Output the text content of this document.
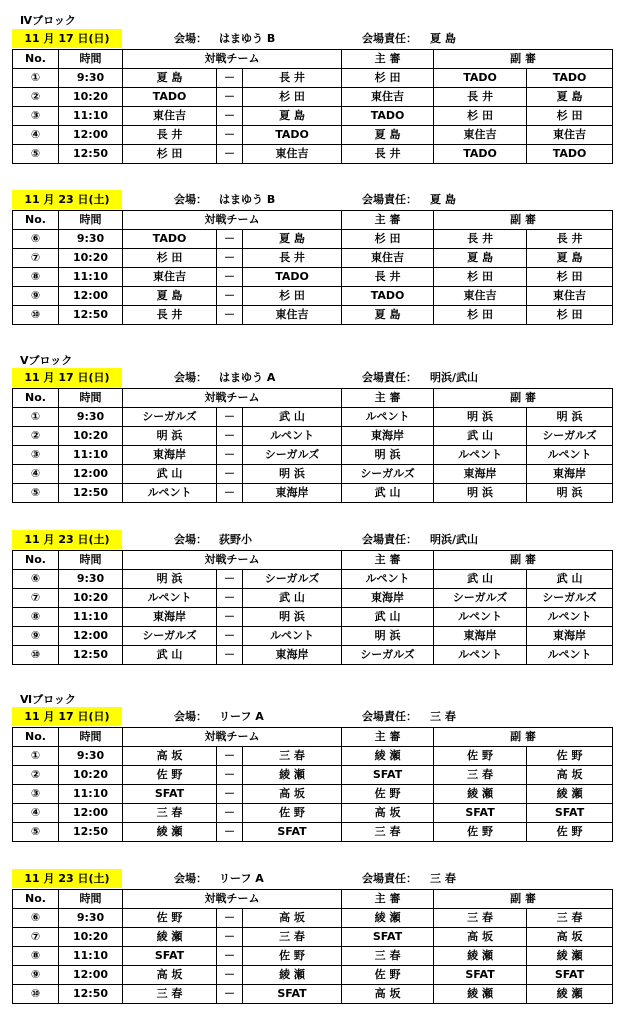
Ⅳブロック
11 月 17 日(日)	会場： はまゆう B	会場責任： 夏 島
No.	時間	対戦チーム			主 審	副 審	
①	9:30	夏 島	－	長 井	杉 田	TADO	TADO
②	10:20	TADO	－	杉 田	東住吉	長 井	夏 島
③	11:10	東住吉	－	夏 島	TADO	杉 田	杉 田
④	12:00	長 井	－	TADO	夏 島	東住吉	東住吉
⑤	12:50	杉 田	－	東住吉	長 井	TADO	TADO
11 月 23 日(土)	会場： はまゆう B	会場責任： 夏 島
No.	時間	対戦チーム			主 審	副 審	
⑥	9:30	TADO	－	夏 島	杉 田	長 井	長 井
⑦	10:20	杉 田	－	長 井	東住吉	夏 島	夏 島
⑧	11:10	東住吉	－	TADO	長 井	杉 田	杉 田
⑨	12:00	夏 島	－	杉 田	TADO	東住吉	東住吉
⑩	12:50	長 井	－	東住吉	夏 島	杉 田	杉 田
Ⅴブロック
11 月 17 日(日)	会場： はまゆう A	会場責任： 明浜/武山
No.	時間	対戦チーム			主 審	副 審	
①	9:30	シーガルズ	－	武 山	ルペント	明 浜	明 浜
②	10:20	明 浜	－	ルペント	東海岸	武 山	シーガルズ
③	11:10	東海岸	－	シーガルズ	明 浜	ルペント	ルペント
④	12:00	武 山	－	明 浜	シーガルズ	東海岸	東海岸
⑤	12:50	ルペント	－	東海岸	武 山	明 浜	明 浜
11 月 23 日(土)	会場： 荻野小	会場責任： 明浜/武山
No.	時間	対戦チーム			主 審	副 審	
⑥	9:30	明 浜	－	シーガルズ	ルペント	武 山	武 山
⑦	10:20	ルペント	－	武 山	東海岸	シーガルズ	シーガルズ
⑧	11:10	東海岸	－	明 浜	武 山	ルペント	ルペント
⑨	12:00	シーガルズ	－	ルペント	明 浜	東海岸	東海岸
⑩	12:50	武 山	－	東海岸	シーガルズ	ルペント	ルペント
Ⅵブロック
11 月 17 日(日)	会場： リーフ A	会場責任： 三 春
No.	時間	対戦チーム			主 審	副 審	
①	9:30	高 坂	－	三 春	綾 瀬	佐 野	佐 野
②	10:20	佐 野	－	綾 瀬	SFAT	三 春	高 坂
③	11:10	SFAT	－	高 坂	佐 野	綾 瀬	綾 瀬
④	12:00	三 春	－	佐 野	高 坂	SFAT	SFAT
⑤	12:50	綾 瀬	－	SFAT	三 春	佐 野	佐 野
11 月 23 日(土)	会場： リーフ A	会場責任： 三 春
No.	時間	対戦チーム			主 審	副 審	
⑥	9:30	佐 野	－	高 坂	綾 瀬	三 春	三 春
⑦	10:20	綾 瀬	－	三 春	SFAT	高 坂	高 坂
⑧	11:10	SFAT	－	佐 野	三 春	綾 瀬	綾 瀬
⑨	12:00	高 坂	－	綾 瀬	佐 野	SFAT	SFAT
⑩	12:50	三 春	－	SFAT	高 坂	綾 瀬	綾 瀬
